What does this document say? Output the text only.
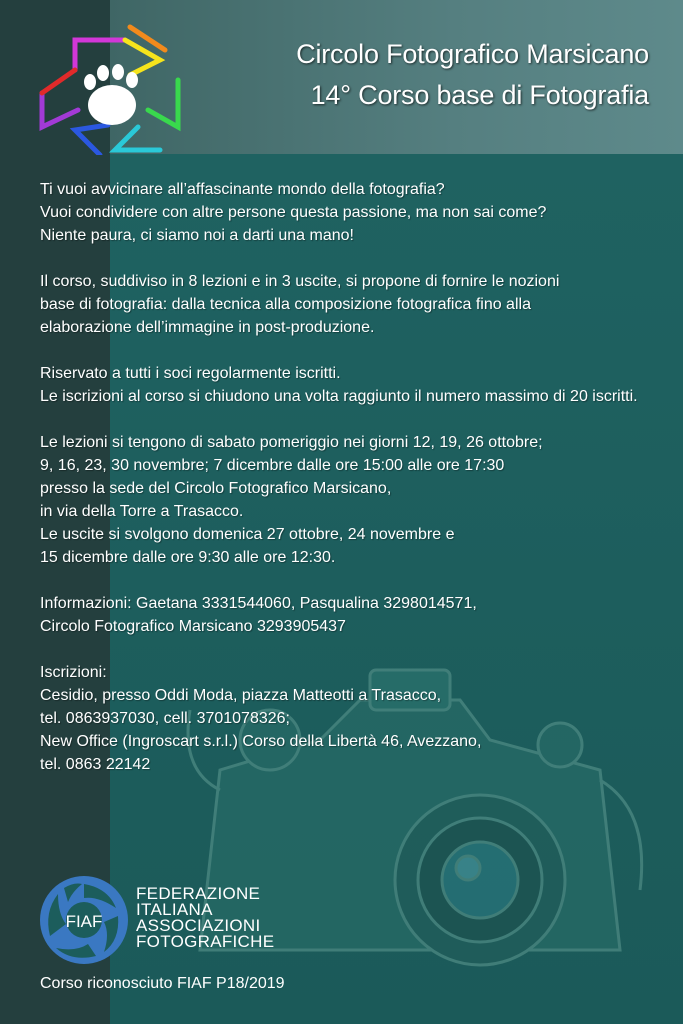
Circolo Fotografico Marsicano
14° Corso base di Fotografia
Ti vuoi avvicinare all’affascinante mondo della fotografia?
Vuoi condividere con altre persone questa passione, ma non sai come?
Niente paura, ci siamo noi a darti una mano!
Il corso, suddiviso in 8 lezioni e in 3 uscite, si propone di fornire le nozioni
base di fotografia: dalla tecnica alla composizione fotografica fino alla
elaborazione dell’immagine in post-produzione.
Riservato a tutti i soci regolarmente iscritti.
Le iscrizioni al corso si chiudono una volta raggiunto il numero massimo di 20 iscritti.
Le lezioni si tengono di sabato pomeriggio nei giorni 12, 19, 26 ottobre;
9, 16, 23, 30 novembre; 7 dicembre dalle ore 15:00 alle ore 17:30
presso la sede del Circolo Fotografico Marsicano,
in via della Torre a Trasacco.
Le uscite si svolgono domenica 27 ottobre, 24 novembre e
15 dicembre dalle ore 9:30 alle ore 12:30.
Informazioni: Gaetana 3331544060, Pasqualina 3298014571,
Circolo Fotografico Marsicano 3293905437
Iscrizioni:
Cesidio, presso Oddi Moda, piazza Matteotti a Trasacco,
tel. 0863937030, cell. 3701078326;
New Office (Ingroscart s.r.l.) Corso della Libertà 46, Avezzano,
tel. 0863 22142
FIAF
FEDERAZIONE
ITALIANA
ASSOCIAZIONI
FOTOGRAFICHE
Corso riconosciuto FIAF P18/2019
